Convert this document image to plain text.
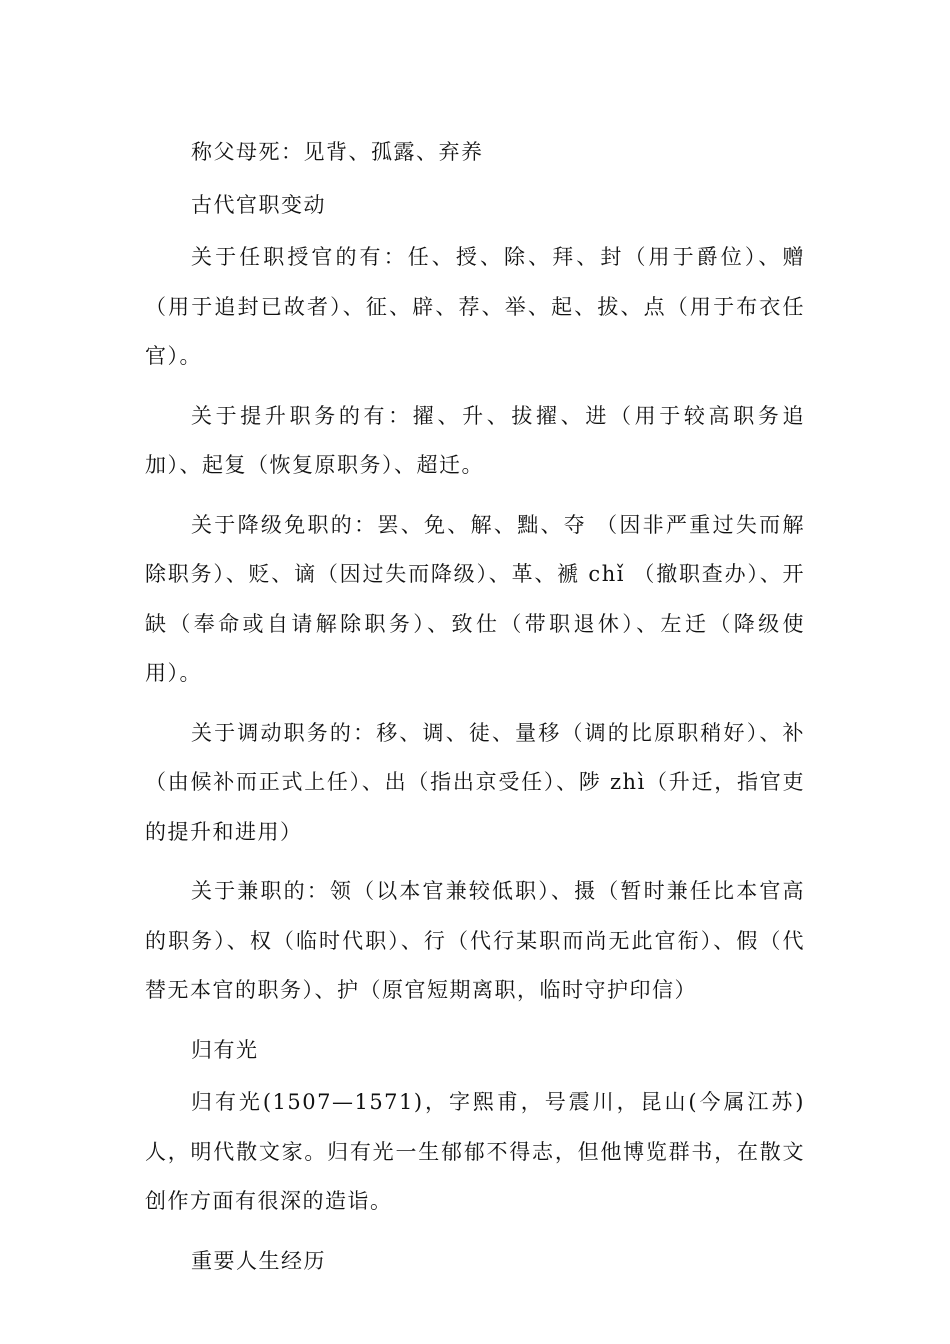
称父母死：见背、孤露、弃养

古代官职变动

关于任职授官的有：任、授、除、拜、封（用于爵位）、赠（用于追封已故者）、征、辟、荐、举、起、拔、点（用于布衣任官）。

关于提升职务的有：擢、升、拔擢、进（用于较高职务追加）、起复（恢复原职务）、超迁。

关于降级免职的：罢、免、解、黜、夺 （因非严重过失而解除职务）、贬、谪（因过失而降级）、革、褫 chǐ （撤职查办）、开缺（奉命或自请解除职务）、致仕（带职退休）、左迁（降级使用）。

关于调动职务的：移、调、徒、量移（调的比原职稍好）、补（由候补而正式上任）、出（指出京受任）、陟 zhì（升迁，指官吏的提升和进用）

关于兼职的：领（以本官兼较低职）、摄（暂时兼任比本官高的职务）、权（临时代职）、行（代行某职而尚无此官衔）、假（代替无本官的职务）、护（原官短期离职，临时守护印信）

归有光

归有光(1507—1571)，字熙甫，号震川，昆山(今属江苏)人，明代散文家。归有光一生郁郁不得志，但他博览群书，在散文创作方面有很深的造诣。

重要人生经历
